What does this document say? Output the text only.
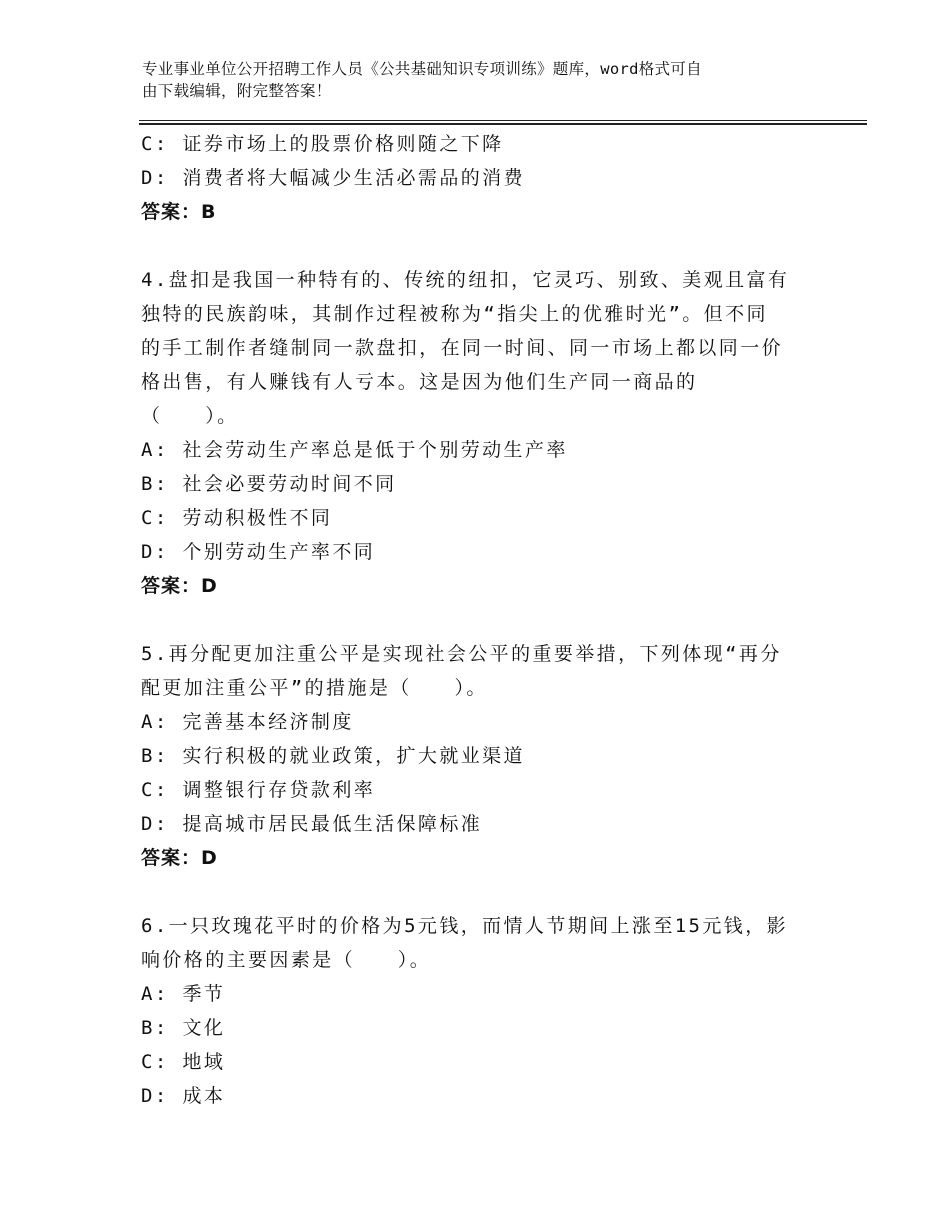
专业事业单位公开招聘工作人员《公共基础知识专项训练》题库，word格式可自
由下载编辑，附完整答案！
C: 证券市场上的股票价格则随之下降
D: 消费者将大幅减少生活必需品的消费
答案：B
4.盘扣是我国一种特有的、传统的纽扣，它灵巧、别致、美观且富有
独特的民族韵味，其制作过程被称为“指尖上的优雅时光”。但不同
的手工制作者缝制同一款盘扣，在同一时间、同一市场上都以同一价
格出售，有人赚钱有人亏本。这是因为他们生产同一商品的
（　　）。
A: 社会劳动生产率总是低于个别劳动生产率
B: 社会必要劳动时间不同
C: 劳动积极性不同
D: 个别劳动生产率不同
答案：D
5.再分配更加注重公平是实现社会公平的重要举措，下列体现“再分
配更加注重公平”的措施是（　　）。
A: 完善基本经济制度
B: 实行积极的就业政策，扩大就业渠道
C: 调整银行存贷款利率
D: 提高城市居民最低生活保障标准
答案：D
6.一只玫瑰花平时的价格为5元钱，而情人节期间上涨至15元钱，影
响价格的主要因素是（　　）。
A: 季节
B: 文化
C: 地域
D: 成本
